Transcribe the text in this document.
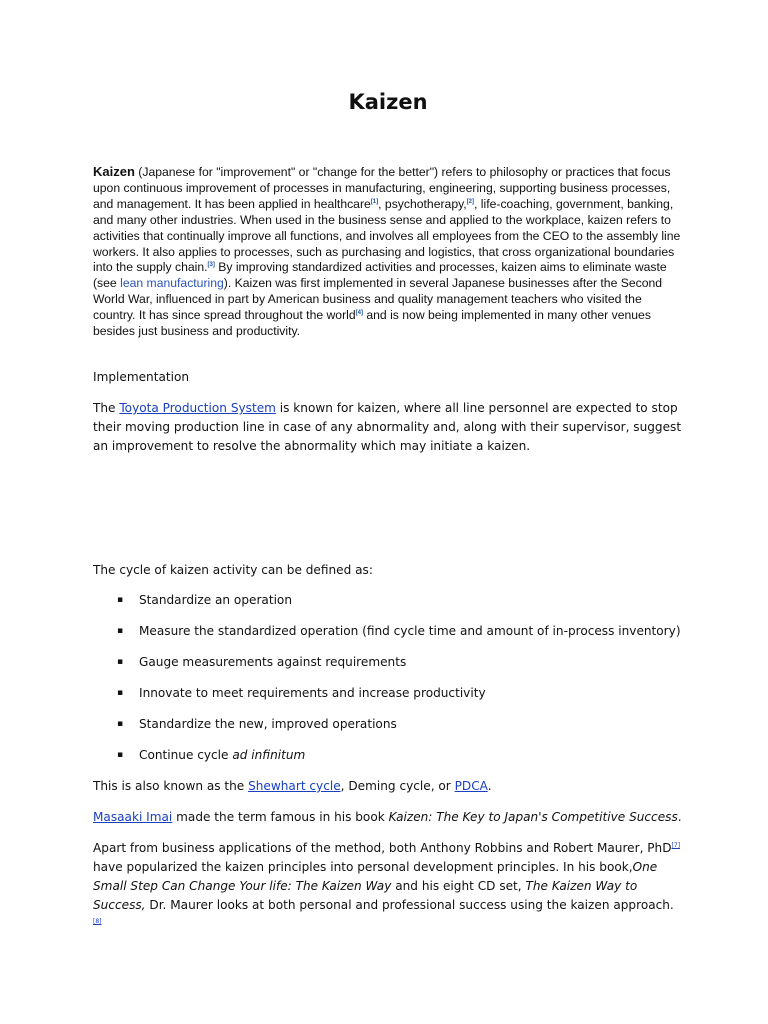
Kaizen

Kaizen (Japanese for "improvement" or "change for the better") refers to philosophy or practices that focus upon continuous improvement of processes in manufacturing, engineering, supporting business processes, and management. It has been applied in healthcare[1], psychotherapy,[2], life-coaching, government, banking, and many other industries. When used in the business sense and applied to the workplace, kaizen refers to activities that continually improve all functions, and involves all employees from the CEO to the assembly line workers. It also applies to processes, such as purchasing and logistics, that cross organizational boundaries into the supply chain.[3] By improving standardized activities and processes, kaizen aims to eliminate waste (see lean manufacturing). Kaizen was first implemented in several Japanese businesses after the Second World War, influenced in part by American business and quality management teachers who visited the country. It has since spread throughout the world[4] and is now being implemented in many other venues besides just business and productivity.

Implementation

The Toyota Production System is known for kaizen, where all line personnel are expected to stop their moving production line in case of any abnormality and, along with their supervisor, suggest an improvement to resolve the abnormality which may initiate a kaizen.

The cycle of kaizen activity can be defined as:

▪ Standardize an operation
▪ Measure the standardized operation (find cycle time and amount of in-process inventory)
▪ Gauge measurements against requirements
▪ Innovate to meet requirements and increase productivity
▪ Standardize the new, improved operations
▪ Continue cycle ad infinitum

This is also known as the Shewhart cycle, Deming cycle, or PDCA.

Masaaki Imai made the term famous in his book Kaizen: The Key to Japan's Competitive Success.

Apart from business applications of the method, both Anthony Robbins and Robert Maurer, PhD[7] have popularized the kaizen principles into personal development principles. In his book,One Small Step Can Change Your life: The Kaizen Way and his eight CD set, The Kaizen Way to Success, Dr. Maurer looks at both personal and professional success using the kaizen approach. [8]
